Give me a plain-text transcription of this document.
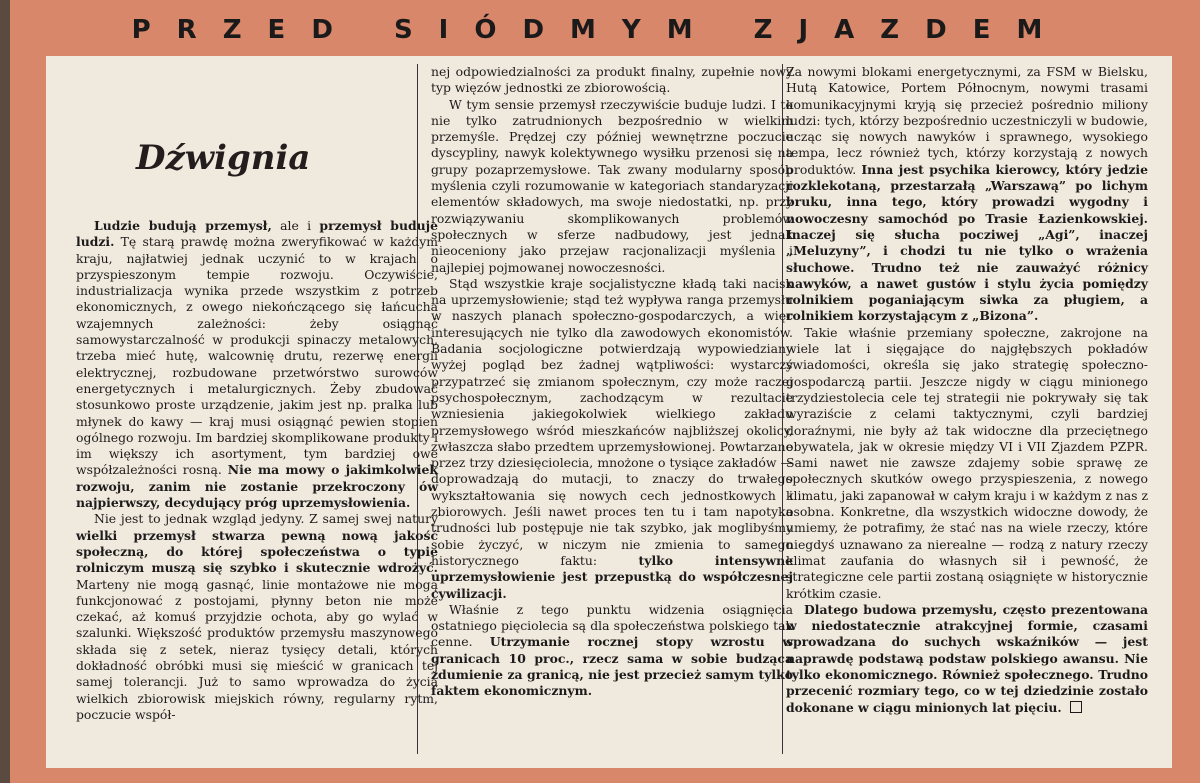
PRZED SIÓDMYM ZJAZDEM
Dźwignia

Ludzie budują przemysł, ale i przemysł buduje ludzi. Tę starą prawdę można zweryfikować w każdym kraju, najłatwiej jednak uczynić to w krajach o przyspieszonym tempie rozwoju. Oczywiście, industrializacja wynika przede wszystkim z potrzeb ekonomicznych, z owego niekończącego się łańcucha wzajemnych zależności: żeby osiągnąć samowystarczalność w produkcji spinaczy metalowych, trzeba mieć hutę, walcownię drutu, rezerwę energii elektrycznej, rozbudowane przetwórstwo surowców energetycznych i metalurgicznych. Żeby zbudować stosunkowo proste urządzenie, jakim jest np. pralka lub młynek do kawy — kraj musi osiągnąć pewien stopień ogólnego rozwoju. Im bardziej skomplikowane produkty i im większy ich asortyment, tym bardziej owe współzależności rosną. Nie ma mowy o jakimkolwiek rozwoju, zanim nie zostanie przekroczony ów najpierwszy, decydujący próg uprzemysłowienia.

Nie jest to jednak wzgląd jedyny. Z samej swej natury wielki przemysł stwarza pewną nową jakość społeczną, do której społeczeństwa o typie rolniczym muszą się szybko i skutecznie wdrożyć. Marteny nie mogą gasnąć, linie montażowe nie mogą funkcjonować z postojami, płynny beton nie może czekać, aż komuś przyjdzie ochota, aby go wylać w szalunki. Większość produktów przemysłu maszynowego składa się z setek, nieraz tysięcy detali, których dokładność obróbki musi się mieścić w granicach tej samej tolerancji. Już to samo wprowadza do życia wielkich zbiorowisk miejskich równy, regularny rytm, poczucie współ-

nej odpowiedzialności za produkt finalny, zupełnie nowy typ więzów jednostki ze zbiorowością.

W tym sensie przemysł rzeczywiście buduje ludzi. I to nie tylko zatrudnionych bezpośrednio w wielkim przemyśle. Prędzej czy później wewnętrzne poczucie dyscypliny, nawyk kolektywnego wysiłku przenosi się na grupy pozaprzemysłowe. Tak zwany modularny sposób myślenia czyli rozumowanie w kategoriach standaryzacji elementów składowych, ma swoje niedostatki, np. przy rozwiązywaniu skomplikowanych problemów społecznych w sferze nadbudowy, jest jednak nieoceniony jako przejaw racjonalizacji myślenia i najlepiej pojmowanej nowoczesności.

Stąd wszystkie kraje socjalistyczne kładą taki nacisk na uprzemysłowienie; stąd też wypływa ranga przemysłu w naszych planach społeczno-gospodarczych, a więc interesujących nie tylko dla zawodowych ekonomistów. Badania socjologiczne potwierdzają wypowiedziany wyżej pogląd bez żadnej wątpliwości: wystarczy przypatrzeć się zmianom społecznym, czy może raczej psychospołecznym, zachodzącym w rezultacie wzniesienia jakiegokolwiek wielkiego zakładu przemysłowego wśród mieszkańców najbliższej okolicy, zwłaszcza słabo przedtem uprzemysłowionej. Powtarzane przez trzy dziesięciolecia, mnożone o tysiące zakładów — doprowadzają do mutacji, to znaczy do trwałego wykształtowania się nowych cech jednostkowych i zbiorowych. Jeśli nawet proces ten tu i tam napotyka trudności lub postępuje nie tak szybko, jak moglibyśmy sobie życzyć, w niczym nie zmienia to samego historycznego faktu: tylko intensywne uprzemysłowienie jest przepustką do współczesnej cywilizacji.

Właśnie z tego punktu widzenia osiągnięcia ostatniego pięciolecia są dla społeczeństwa polskiego tak cenne. Utrzymanie rocznej stopy wzrostu w granicach 10 proc., rzecz sama w sobie budząca zdumienie za granicą, nie jest przecież samym tylko faktem ekonomicznym.

Za nowymi blokami energetycznymi, za FSM w Bielsku, Hutą Katowice, Portem Północnym, nowymi trasami komunikacyjnymi kryją się przecież pośrednio miliony ludzi: tych, którzy bezpośrednio uczestniczyli w budowie, ucząc się nowych nawyków i sprawnego, wysokiego tempa, lecz również tych, którzy korzystają z nowych produktów. Inna jest psychika kierowcy, który jedzie rozklekotaną, przestarzałą „Warszawą” po lichym bruku, inna tego, który prowadzi wygodny i nowoczesny samochód po Trasie Łazienkowskiej. Inaczej się słucha pocziwej „Agi”, inaczej „Meluzyny”, i chodzi tu nie tylko o wrażenia słuchowe. Trudno też nie zauważyć różnicy nawyków, a nawet gustów i stylu życia pomiędzy rolnikiem poganiającym siwka za pługiem, a rolnikiem korzystającym z „Bizona”.

Takie właśnie przemiany społeczne, zakrojone na wiele lat i sięgające do najgłębszych pokładów świadomości, określa się jako strategię społeczno-gospodarczą partii. Jeszcze nigdy w ciągu minionego trzydziestolecia cele tej strategii nie pokrywały się tak wyraziście z celami taktycznymi, czyli bardziej doraźnymi, nie były aż tak widoczne dla przeciętnego obywatela, jak w okresie między VI i VII Zjazdem PZPR. Sami nawet nie zawsze zdajemy sobie sprawę ze społecznych skutków owego przyspieszenia, z nowego klimatu, jaki zapanował w całym kraju i w każdym z nas z osobna. Konkretne, dla wszystkich widoczne dowody, że umiemy, że potrafimy, że stać nas na wiele rzeczy, które niegdyś uznawano za nierealne — rodzą z natury rzeczy klimat zaufania do własnych sił i pewność, że strategiczne cele partii zostaną osiągnięte w historycznie krótkim czasie.

Dlatego budowa przemysłu, często prezentowana w niedostatecznie atrakcyjnej formie, czasami sprowadzana do suchych wskaźników — jest naprawdę podstawą podstaw polskiego awansu. Nie tylko ekonomicznego. Również społecznego. Trudno przecenić rozmiary tego, co w tej dziedzinie zostało dokonane w ciągu minionych lat pięciu.
